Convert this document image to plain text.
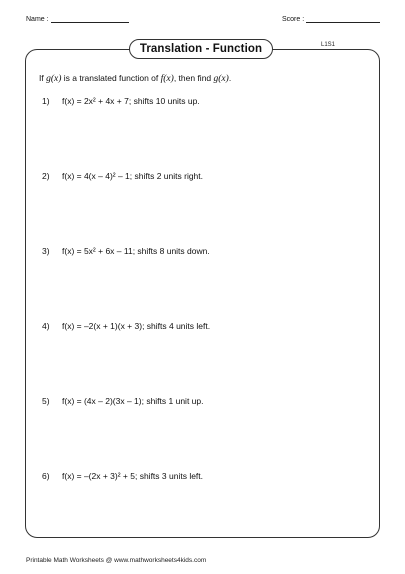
Name :	Score :
Translation - Function	L1S1
If g(x) is a translated function of f(x), then find g(x).
1)	f(x) = 2x² + 4x + 7; shifts 10 units up.
2)	f(x) = 4(x – 4)² – 1; shifts 2 units right.
3)	f(x) = 5x² + 6x – 11; shifts 8 units down.
4)	f(x) = –2(x + 1)(x + 3); shifts 4 units left.
5)	f(x) = (4x – 2)(3x – 1); shifts 1 unit up.
6)	f(x) = –(2x + 3)² + 5; shifts 3 units left.
Printable Math Worksheets @ www.mathworksheets4kids.com
